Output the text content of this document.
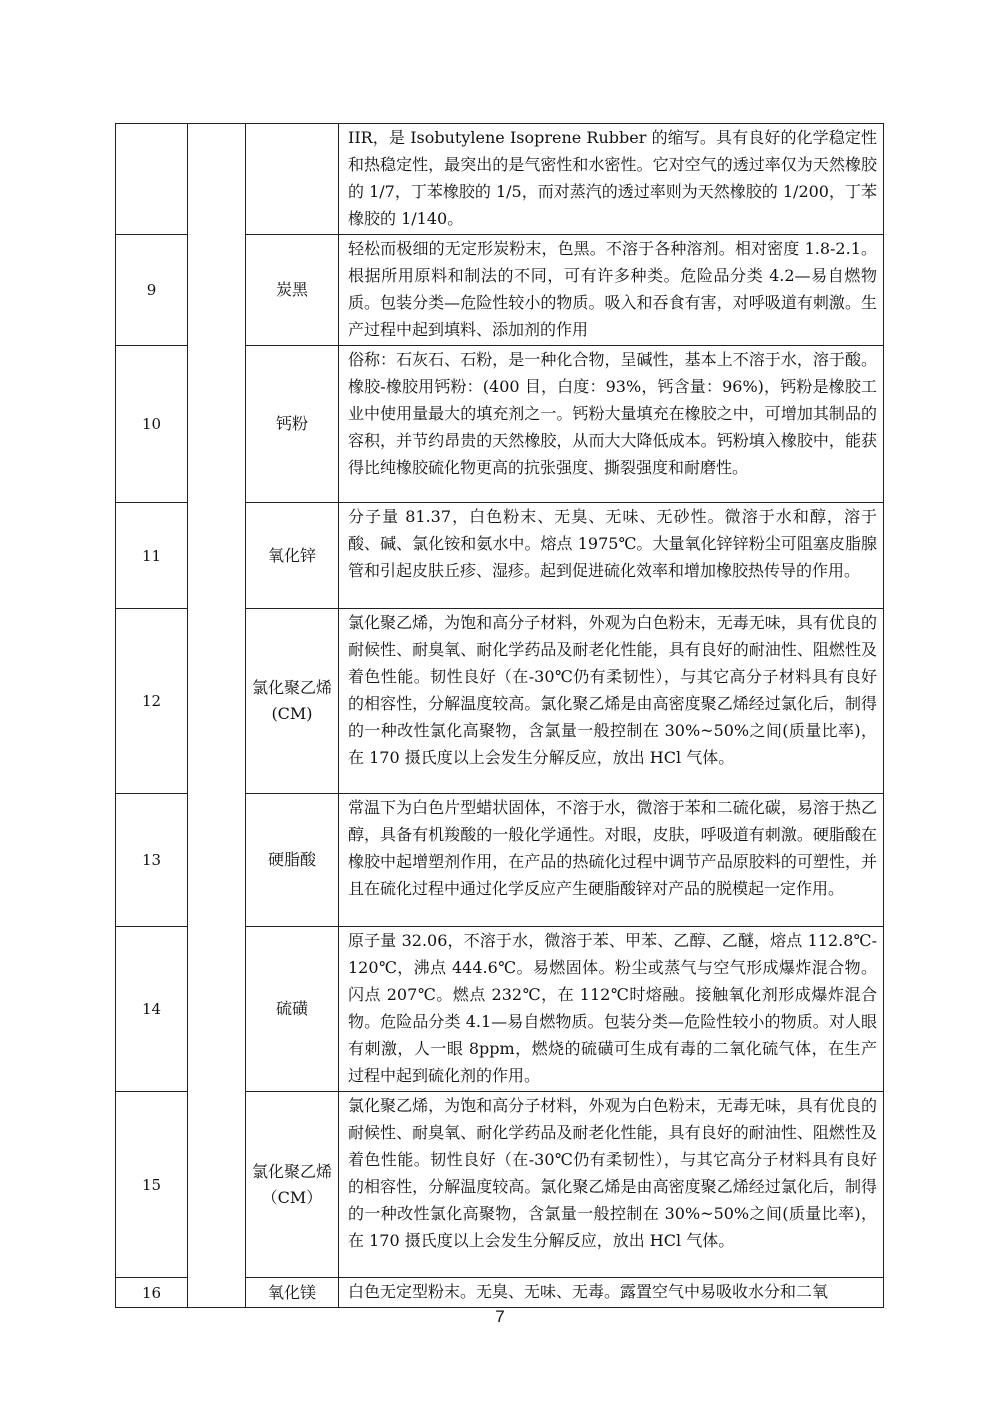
			IIR，是 Isobutylene Isoprene Rubber 的缩写。具有良好的化学稳定性和热稳定性，最突出的是气密性和水密性。它对空气的透过率仅为天然橡胶的 1/7，丁苯橡胶的 1/5，而对蒸汽的透过率则为天然橡胶的 1/200，丁苯橡胶的 1/140。
9		炭黑	轻松而极细的无定形炭粉末，色黑。不溶于各种溶剂。相对密度 1.8-2.1。根据所用原料和制法的不同，可有许多种类。危险品分类 4.2—易自燃物质。包装分类—危险性较小的物质。吸入和吞食有害，对呼吸道有刺激。生产过程中起到填料、添加剂的作用
10		钙粉	俗称：石灰石、石粉，是一种化合物，呈碱性，基本上不溶于水，溶于酸。橡胶-橡胶用钙粉：(400 目，白度：93%，钙含量：96%)，钙粉是橡胶工业中使用量最大的填充剂之一。钙粉大量填充在橡胶之中，可增加其制品的容积，并节约昂贵的天然橡胶，从而大大降低成本。钙粉填入橡胶中，能获得比纯橡胶硫化物更高的抗张强度、撕裂强度和耐磨性。
11		氧化锌	分子量 81.37，白色粉末、无臭、无味、无砂性。微溶于水和醇，溶于酸、碱、氯化铵和氨水中。熔点 1975℃。大量氧化锌锌粉尘可阻塞皮脂腺管和引起皮肤丘疹、湿疹。起到促进硫化效率和增加橡胶热传导的作用。
12		氯化聚乙烯(CM)	氯化聚乙烯，为饱和高分子材料，外观为白色粉末，无毒无味，具有优良的耐候性、耐臭氧、耐化学药品及耐老化性能，具有良好的耐油性、阻燃性及着色性能。韧性良好（在-30℃仍有柔韧性），与其它高分子材料具有良好的相容性，分解温度较高。氯化聚乙烯是由高密度聚乙烯经过氯化后，制得的一种改性氯化高聚物，含氯量一般控制在 30%~50%之间(质量比率)，在 170 摄氏度以上会发生分解反应，放出 HCl 气体。
13		硬脂酸	常温下为白色片型蜡状固体，不溶于水，微溶于苯和二硫化碳，易溶于热乙醇，具备有机羧酸的一般化学通性。对眼，皮肤，呼吸道有刺激。硬脂酸在橡胶中起增塑剂作用，在产品的热硫化过程中调节产品原胶料的可塑性，并且在硫化过程中通过化学反应产生硬脂酸锌对产品的脱模起一定作用。
14		硫磺	原子量 32.06，不溶于水，微溶于苯、甲苯、乙醇、乙醚，熔点 112.8℃-120℃，沸点 444.6℃。易燃固体。粉尘或蒸气与空气形成爆炸混合物。闪点 207℃。燃点 232℃，在 112℃时熔融。接触氧化剂形成爆炸混合物。危险品分类 4.1—易自燃物质。包装分类—危险性较小的物质。对人眼有刺激，人一眼 8ppm，燃烧的硫磺可生成有毒的二氧化硫气体，在生产过程中起到硫化剂的作用。
15		氯化聚乙烯（CM）	氯化聚乙烯，为饱和高分子材料，外观为白色粉末，无毒无味，具有优良的耐候性、耐臭氧、耐化学药品及耐老化性能，具有良好的耐油性、阻燃性及着色性能。韧性良好（在-30℃仍有柔韧性），与其它高分子材料具有良好的相容性，分解温度较高。氯化聚乙烯是由高密度聚乙烯经过氯化后，制得的一种改性氯化高聚物，含氯量一般控制在 30%~50%之间(质量比率)，在 170 摄氏度以上会发生分解反应，放出 HCl 气体。
16		氧化镁	白色无定型粉末。无臭、无味、无毒。露置空气中易吸收水分和二氧
7
